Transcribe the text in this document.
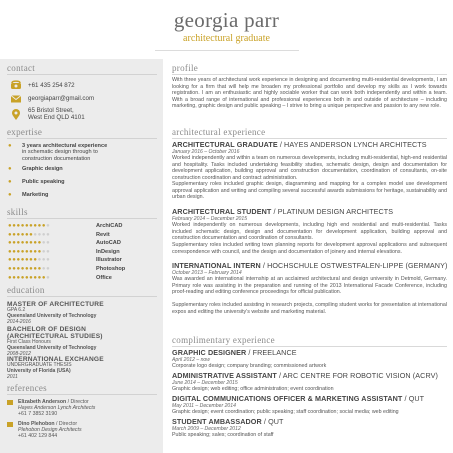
georgia parr
architectural graduate
contact
+61 435 254 872
georgiaparr@gmail.com
65 Bristol Street,
West End QLD 4101
expertise
● 3 years architectural experience
in schematic design through to
construction documentation
● Graphic design
● Public speaking
● Marketing
skills
●●●●●●●●●●	ArchiCAD
●●●●●●●●●●	Revit
●●●●●●●●●●	AutoCAD
●●●●●●●●●●	InDesign
●●●●●●●●●●	Illustrator
●●●●●●●●●●	Photoshop
●●●●●●●●●●	Office
education
MASTER OF ARCHITECTURE
GPA 6.2
Queensland University of Technology
2014-2016
BACHELOR OF DESIGN
(ARCHITECTURAL STUDIES)
First Class Honours
Queensland University of Technology
2008-2012
INTERNATIONAL EXCHANGE
UNDERGRADUATE THESIS
University of Florida (USA)
2011
references
Elizabeth Anderson / Director
Hayes Anderson Lynch Architects
+61 7 3852 3190
Dino Plehobon / Director
Plehobon Design Architects
+61 402 129 844
profile
With three years of architectural work experience in designing and documenting multi-residential developments, I am looking for a firm that will help me broaden my professional portfolio and develop my skills as I work towards registration. I am an enthusiastic and highly sociable worker that can work both independently and within a team. With a broad range of international and professional experiences both in and outside of architecture – including marketing, graphic design and public speaking – I strive to bring a unique perspective and passion to any new role.
architectural experience
ARCHITECTURAL GRADUATE / HAYES ANDERSON LYNCH ARCHITECTS
January 2016 – October 2016
Worked independently and within a team on numerous developments, including multi-residential, high-end residential and hospitality. Tasks included undertaking feasibility studies, schematic design, design and documentation for development application, building approval and construction documentation, coordination of consultants, on-site construction coordination and contract administration.
Supplementary roles included graphic design, diagramming and mapping for a complex model use development approval application and writing and compiling several successful awards submissions for heritage, sustainability and urban design.
ARCHITECTURAL STUDENT / PLATINUM DESIGN ARCHITECTS
February 2014 – December 2015
Worked independently on numerous developments, including high end residential and multi-residential. Tasks included schematic design, design and documentation for development application, building approval and construction documentation and coordination of consultants.
Supplementary roles included writing town planning reports for development approval applications and subsequent correspondence with council, and the design and documentation of joinery and internal elevations.
INTERNATIONAL INTERN / HOCHSCHULE OSTWESTFALEN-LIPPE (GERMANY)
October 2013 – February 2014
Was awarded an international internship at an acclaimed architectural and design university in Detmold, Germany. Primary role was assisting in the preparation and running of the 2013 International Facade Conference, including proof-reading and editing conference proceedings for official publication.
Supplementary roles included assisting in research projects, compiling student works for presentation at international expos and editing the university's website and marketing material.
complimentary experience
GRAPHIC DESIGNER / FREELANCE
April 2012 – now
Corporate logo design; company branding; commissioned artwork
ADMINISTRATIVE ASSISTANT / ARC CENTRE FOR ROBOTIC VISION (ACRV)
June 2014 – December 2015
Graphic design; web editing; office administration; event coordination
DIGITAL COMMUNICATIONS OFFICER & MARKETING ASSISTANT / QUT
May 2011 – December 2014
Graphic design; event coordination; public speaking; staff coordination; social media; web editing
STUDENT AMBASSADOR / QUT
March 2009 – December 2012
Public speaking; sales; coordination of staff
